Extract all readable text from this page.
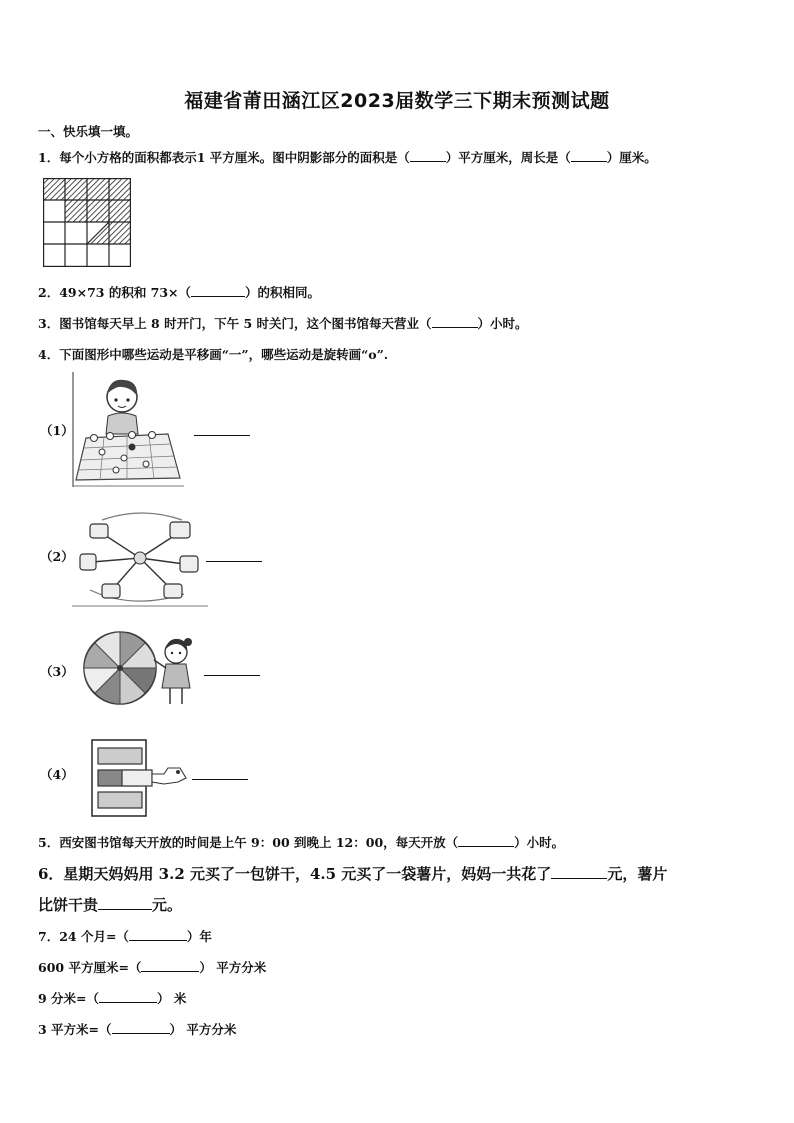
福建省莆田涵江区2023届数学三下期末预测试题
一、快乐填一填。
1．每个小方格的面积都表示1 平方厘米。图中阴影部分的面积是（	）平方厘米，周长是（	）厘米。
2．49×73 的积和 73×（	）的积相同。
3．图书馆每天早上 8 时开门，下午 5 时关门，这个图书馆每天营业（	）小时。
4．下面图形中哪些运动是平移画“一”，哪些运动是旋转画“o”.
（1）
（2）
（3）
（4）
5．西安图书馆每天开放的时间是上午 9：00 到晚上 12：00，每天开放（	）小时。
6．星期天妈妈用 3.2 元买了一包饼干，4.5 元买了一袋薯片，妈妈一共花了	元，薯片
比饼干贵	元。
7．24 个月=（	）年
600 平方厘米=（	） 平方分米
9 分米=（	） 米
3 平方米=（	） 平方分米
